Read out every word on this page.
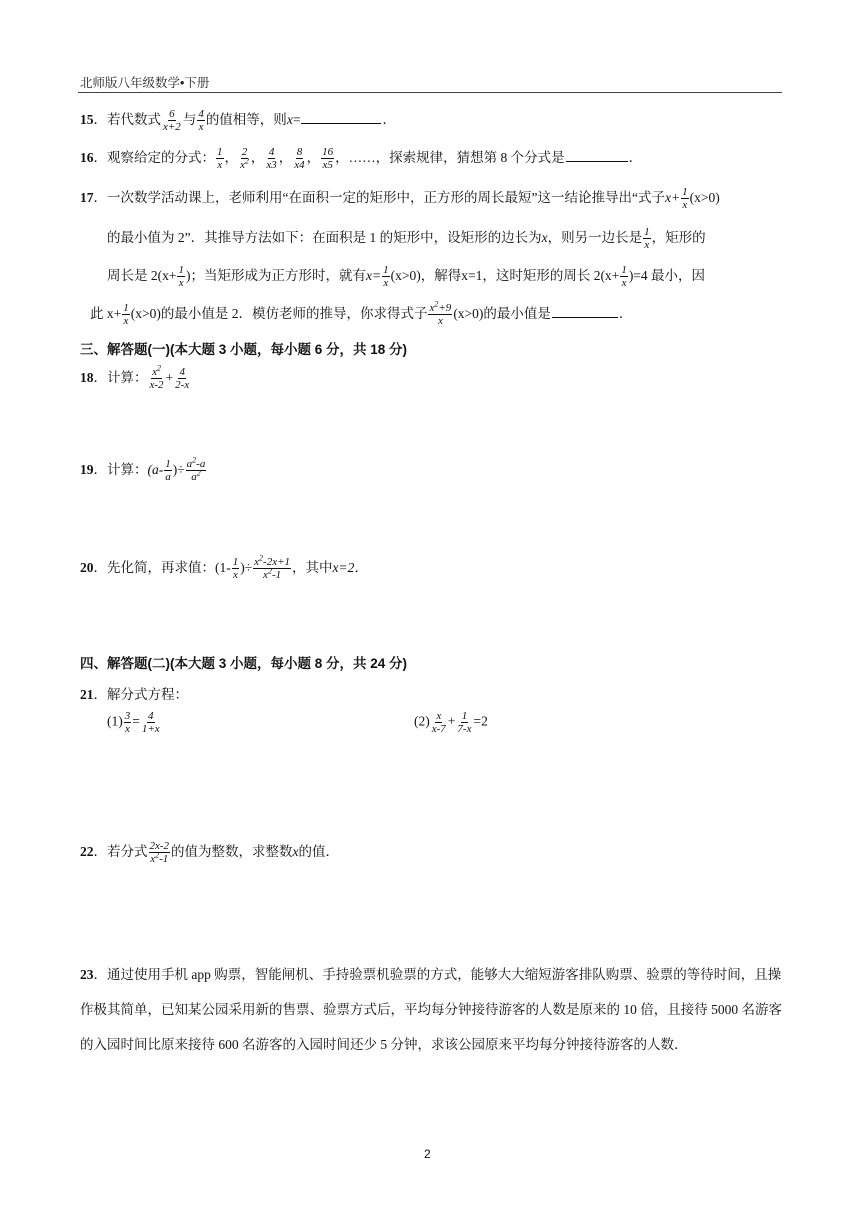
北师版八年级数学•下册
15．若代数式 $\frac{6}{x+2}$ 与 $\frac{4}{x}$ 的值相等，则x=	．
16．观察给定的分式： $\frac{1}{x}$ ， $\frac{2}{x^2}$ ， $\frac{4}{x3}$ ， $\frac{8}{x4}$ ， $\frac{16}{x5}$ ，……，探索规律，猜想第 8 个分式是	．
17．一次数学活动课上，老师利用“在面积一定的矩形中，正方形的周长最短”这一结论推导出“式子$x+ \frac{1}{x} (x>0)$
的最小值为 2”．其推导方法如下：在面积是 1 的矩形中，设矩形的边长为x，则另一边长是 $\frac{1}{x}$ ，矩形的
周长是 $2(x+ \frac{1}{x}$ )；当矩形成为正方形时，就有$x= \frac{1}{x} (x>0)$，解得x=1，这时矩形的周长 $2(x+ \frac{1}{x} )=4$ 最小，因
此 $x+ \frac{1}{x} (x>0)$的最小值是 2．模仿老师的推导，你求得式子 $\frac{x^2+9}{x} (x>0)$的最小值是	．
三、解答题(一)(本大题 3 小题，每小题 6 分，共 18 分)
18．计算： $\frac{x^2}{x-2} + \frac{4}{2-x}$
19．计算：($a- \frac{1}{a}$ )÷ $\frac{a^2-a}{a^2}$
20．先化简，再求值：($1- \frac{1}{x}$ )÷ $\frac{x^2-2x+1}{x^2-1}$ ，其中x=2．
四、解答题(二)(本大题 3 小题，每小题 8 分，共 24 分)
21．解分式方程：
$(1) \frac{3}{x} = \frac{4}{1+x}$	$(2) \frac{x}{x-7} + \frac{1}{7-x} =2$
22．若分式 $\frac{2x-2}{x^2-1}$ 的值为整数，求整数x的值．
23．通过使用手机 app 购票，智能闸机、手持验票机验票的方式，能够大大缩短游客排队购票、验票的等待时间，且操作极其简单，已知某公园采用新的售票、验票方式后，平均每分钟接待游客的人数是原来的 10 倍，且接待 5000 名游客的入园时间比原来接待 600 名游客的入园时间还少 5 分钟，求该公园原来平均每分钟接待游客的人数．
2
